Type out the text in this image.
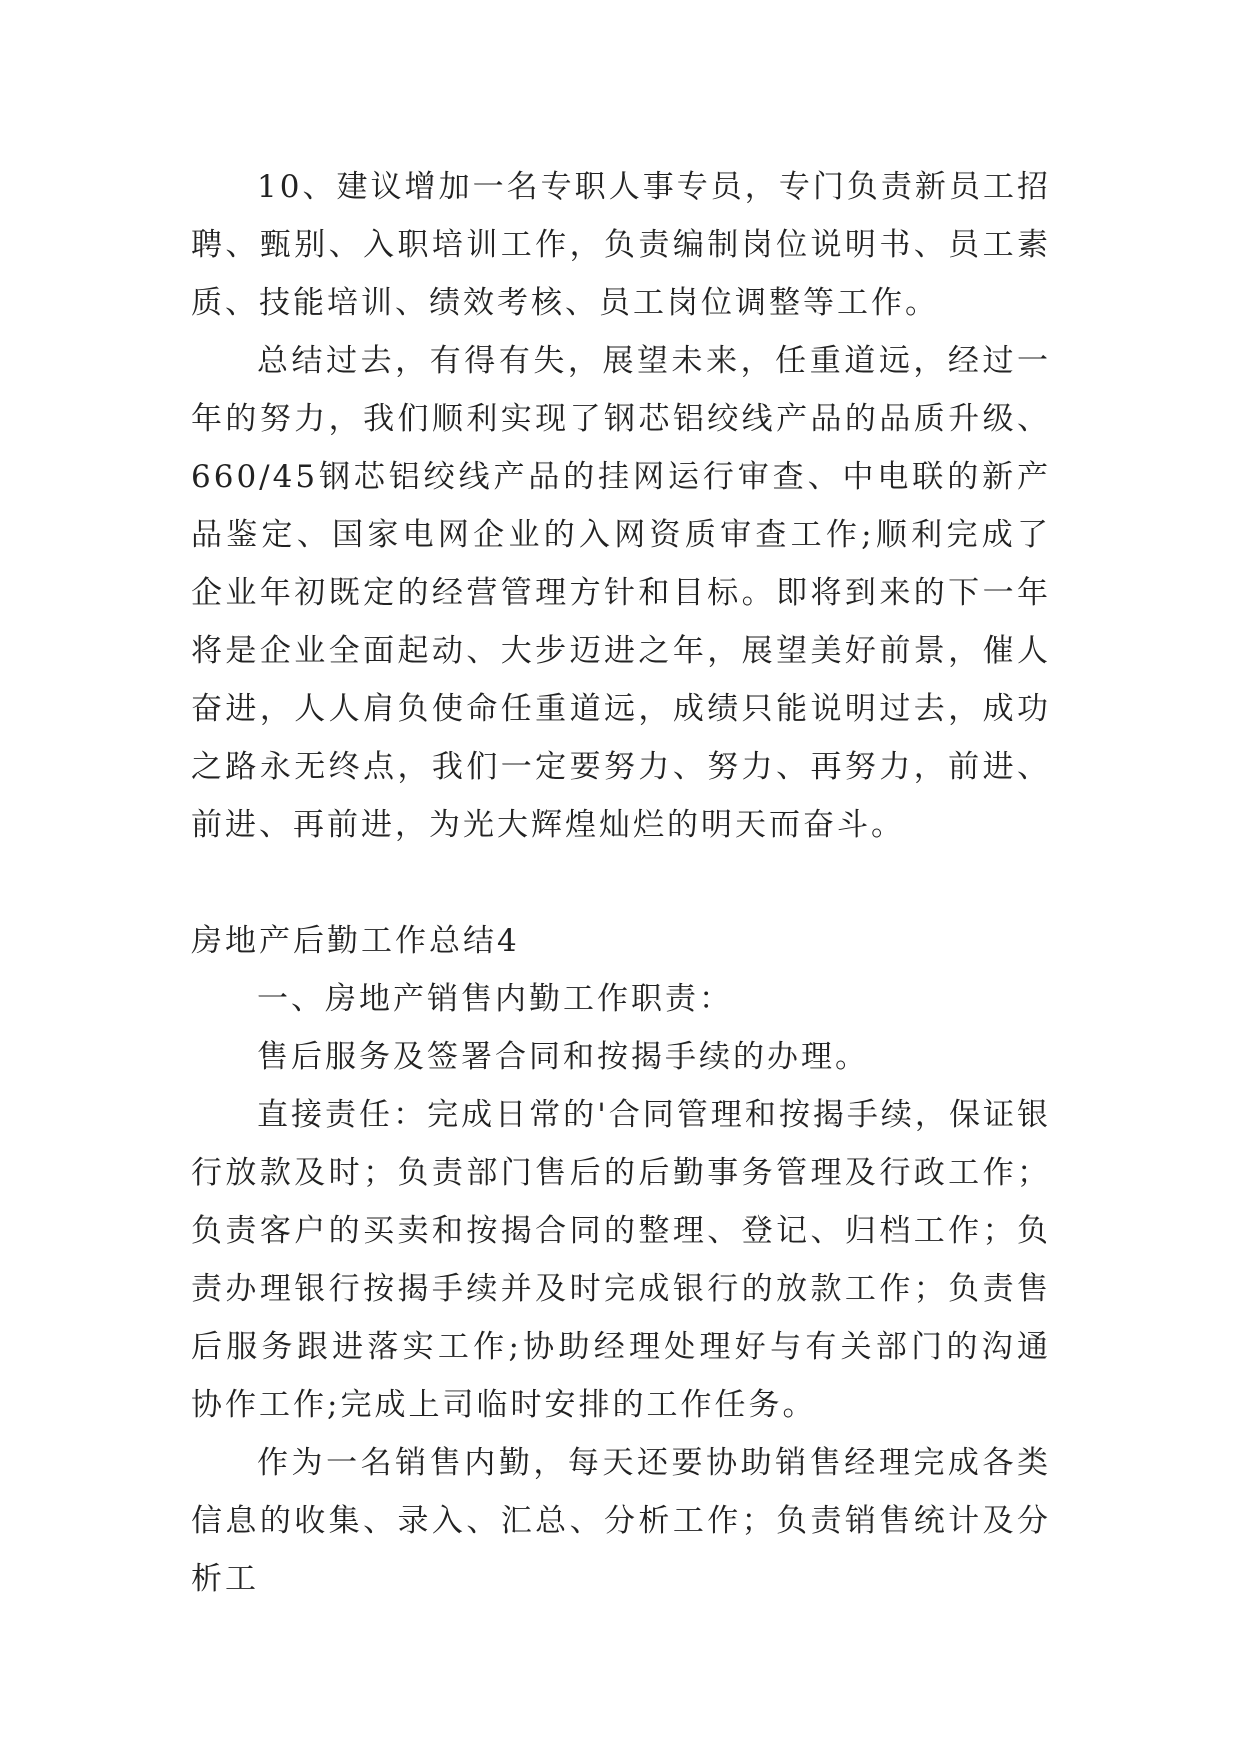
10、建议增加一名专职人事专员，专门负责新员工招聘、甄别、入职培训工作，负责编制岗位说明书、员工素质、技能培训、绩效考核、员工岗位调整等工作。

总结过去，有得有失，展望未来，任重道远，经过一年的努力，我们顺利实现了钢芯铝绞线产品的品质升级、660/45钢芯铝绞线产品的挂网运行审查、中电联的新产品鉴定、国家电网企业的入网资质审查工作;顺利完成了企业年初既定的经营管理方针和目标。即将到来的下一年将是企业全面起动、大步迈进之年，展望美好前景，催人奋进，人人肩负使命任重道远，成绩只能说明过去，成功之路永无终点，我们一定要努力、努力、再努力，前进、前进、再前进，为光大辉煌灿烂的明天而奋斗。

房地产后勤工作总结4

一、房地产销售内勤工作职责：

售后服务及签署合同和按揭手续的办理。

直接责任：完成日常的'合同管理和按揭手续，保证银行放款及时；负责部门售后的后勤事务管理及行政工作；负责客户的买卖和按揭合同的整理、登记、归档工作；负责办理银行按揭手续并及时完成银行的放款工作；负责售后服务跟进落实工作;协助经理处理好与有关部门的沟通协作工作;完成上司临时安排的工作任务。

作为一名销售内勤，每天还要协助销售经理完成各类信息的收集、录入、汇总、分析工作；负责销售统计及分析工
